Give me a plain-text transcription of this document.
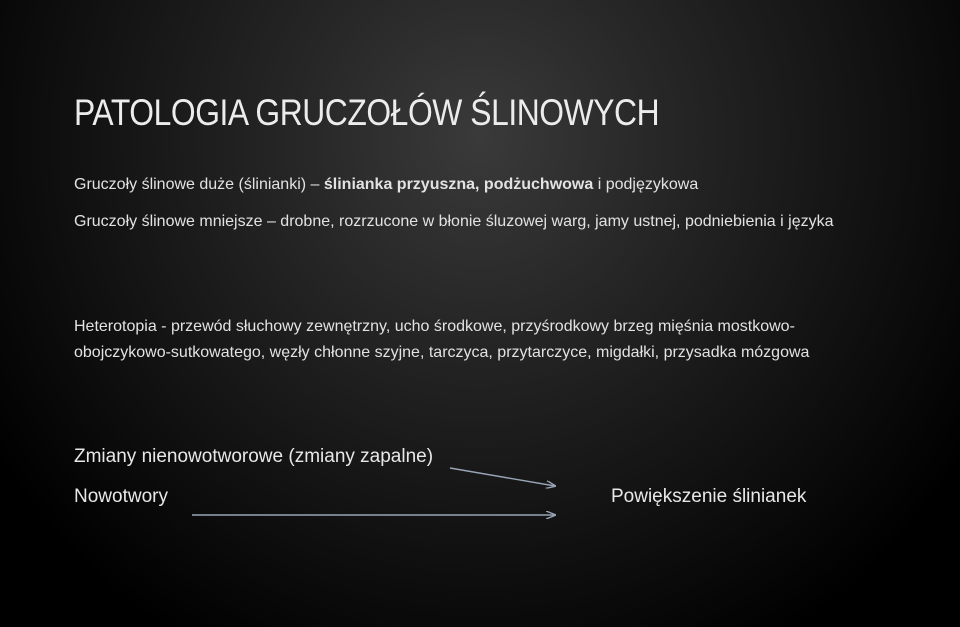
PATOLOGIA GRUCZOŁÓW ŚLINOWYCH
Gruczoły ślinowe duże (ślinianki) – ślinianka przyuszna, podżuchwowa i podjęzykowa
Gruczoły ślinowe mniejsze – drobne, rozrzucone w błonie śluzowej warg, jamy ustnej, podniebienia i języka
Heterotopia - przewód słuchowy zewnętrzny, ucho środkowe, przyśrodkowy brzeg mięśnia mostkowo-obojczykowo-sutkowatego, węzły chłonne szyjne, tarczyca, przytarczyce, migdałki, przysadka mózgowa
Zmiany nienowotworowe (zmiany zapalne)
Nowotwory	Powiększenie ślinianek
